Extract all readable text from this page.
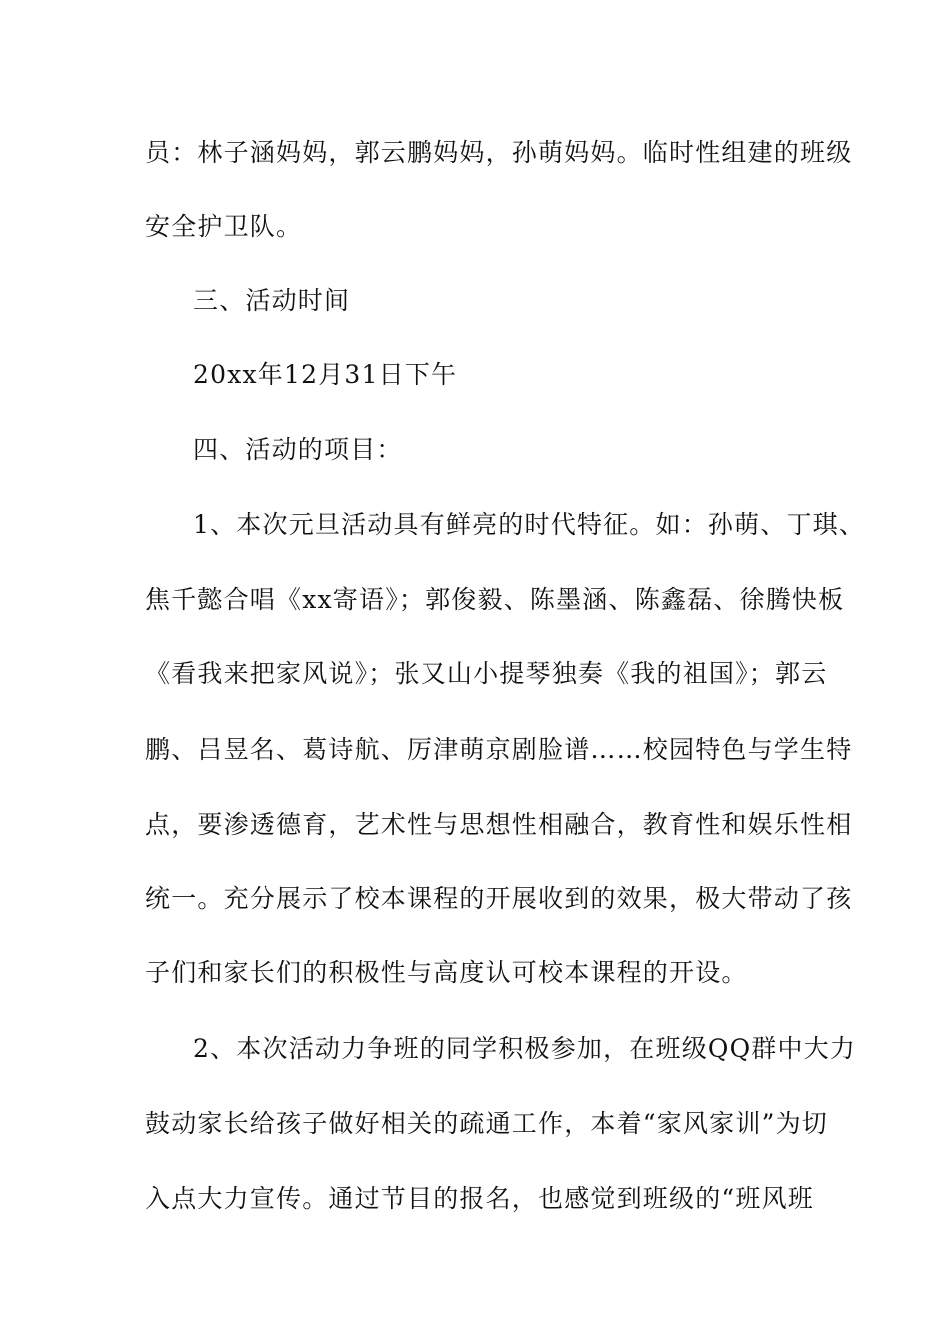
员：林子涵妈妈，郭云鹏妈妈，孙萌妈妈。临时性组建的班级
安全护卫队。
三、活动时间
20xx年12月31日下午
四、活动的项目：
1、本次元旦活动具有鲜亮的时代特征。如：孙萌、丁琪、
焦千懿合唱《xx寄语》；郭俊毅、陈墨涵、陈鑫磊、徐腾快板
《看我来把家风说》；张又山小提琴独奏《我的祖国》；郭云
鹏、吕昱名、葛诗航、厉津萌京剧脸谱……校园特色与学生特
点，要渗透德育，艺术性与思想性相融合，教育性和娱乐性相
统一。充分展示了校本课程的开展收到的效果，极大带动了孩
子们和家长们的积极性与高度认可校本课程的开设。
2、本次活动力争班的同学积极参加，在班级QQ群中大力
鼓动家长给孩子做好相关的疏通工作，本着“家风家训”为切
入点大力宣传。通过节目的报名，也感觉到班级的“班风班
